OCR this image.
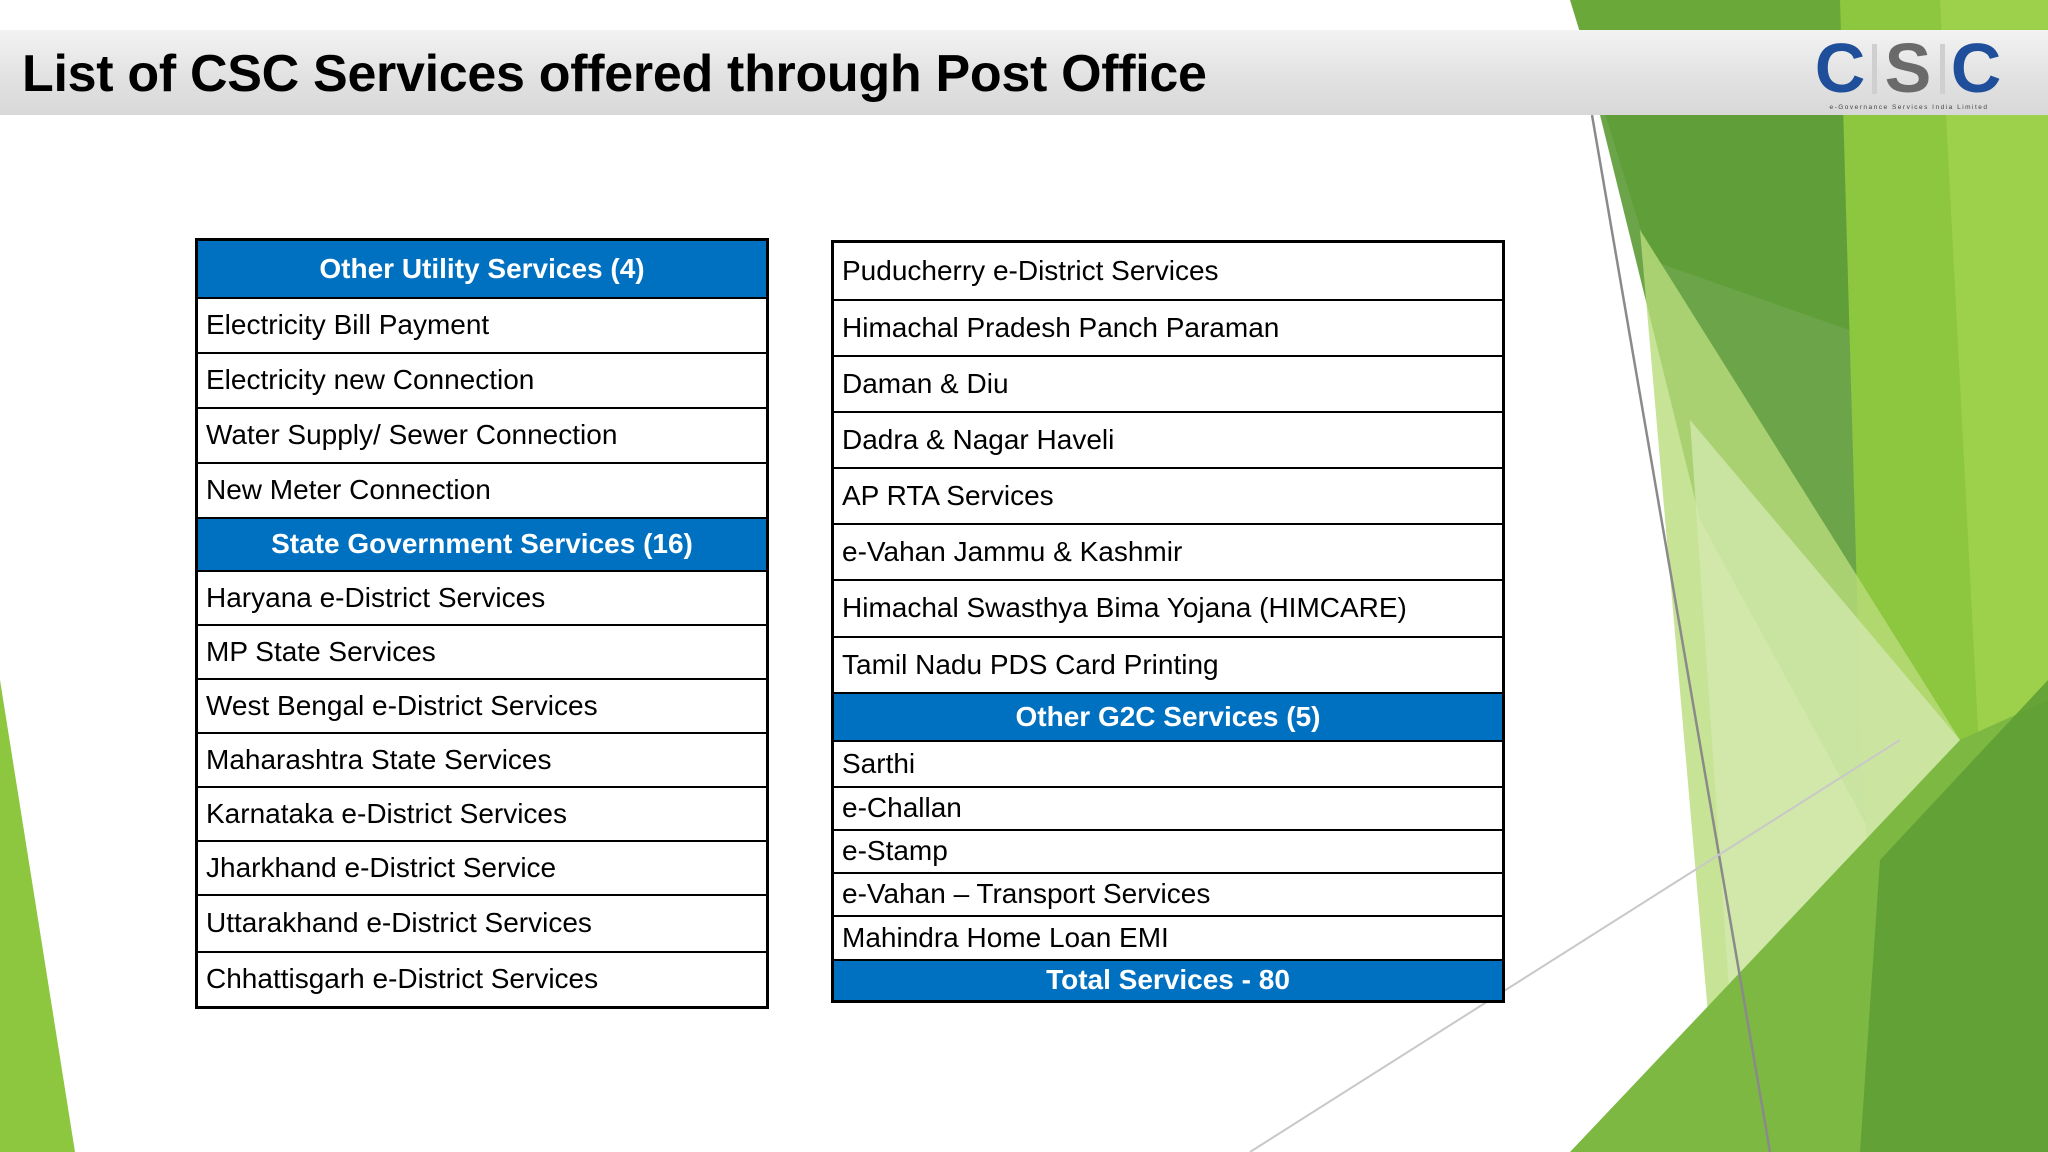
List of CSC Services offered through Post Office	C S C
e-Governance Services India Limited
Other Utility Services (4)
Electricity Bill Payment
Electricity new Connection
Water Supply/ Sewer Connection
New Meter Connection
State Government Services (16)
Haryana e-District Services
MP State Services
West Bengal e-District Services
Maharashtra State Services
Karnataka e-District Services
Jharkhand e-District Service
Uttarakhand e-District Services
Chhattisgarh e-District Services
Puducherry e-District Services
Himachal Pradesh Panch Paraman
Daman & Diu
Dadra & Nagar Haveli
AP RTA Services
e-Vahan Jammu & Kashmir
Himachal Swasthya Bima Yojana (HIMCARE)
Tamil Nadu PDS Card Printing
Other G2C Services (5)
Sarthi
e-Challan
e-Stamp
e-Vahan – Transport Services
Mahindra Home Loan EMI
Total Services - 80
